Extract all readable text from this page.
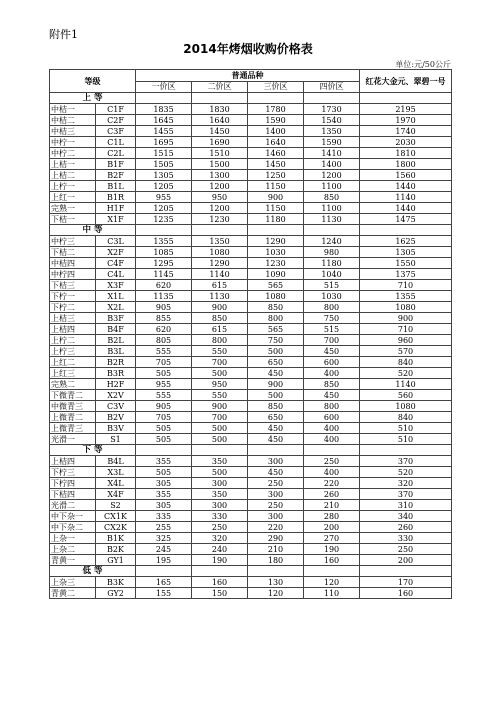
附件1
2014年烤烟收购价格表
单位:元/50公斤
等级		普通品种				红花大金元、翠碧一号
		一价区	二价区	三价区	四价区	
上 等						
中桔一	C1F	1835	1830	1780	1730	2195
中桔二	C2F	1645	1640	1590	1540	1970
中桔三	C3F	1455	1450	1400	1350	1740
中柠一	C1L	1695	1690	1640	1590	2030
中柠二	C2L	1515	1510	1460	1410	1810
上桔一	B1F	1505	1500	1450	1400	1800
上桔二	B2F	1305	1300	1250	1200	1560
上柠一	B1L	1205	1200	1150	1100	1440
上红一	B1R	955	950	900	850	1140
完熟一	H1F	1205	1200	1150	1100	1440
下桔一	X1F	1235	1230	1180	1130	1475
中 等						
中柠三	C3L	1355	1350	1290	1240	1625
下桔二	X2F	1085	1080	1030	980	1305
中桔四	C4F	1295	1290	1230	1180	1550
中柠四	C4L	1145	1140	1090	1040	1375
下桔三	X3F	620	615	565	515	710
下柠一	X1L	1135	1130	1080	1030	1355
下柠二	X2L	905	900	850	800	1080
上桔三	B3F	855	850	800	750	900
上桔四	B4F	620	615	565	515	710
上柠二	B2L	805	800	750	700	960
上柠三	B3L	555	550	500	450	570
上红二	B2R	705	700	650	600	840
上红三	B3R	505	500	450	400	520
完熟二	H2F	955	950	900	850	1140
下微青二	X2V	555	550	500	450	560
中微青三	C3V	905	900	850	800	1080
上微青二	B2V	705	700	650	600	840
上微青三	B3V	505	500	450	400	510
光滑一	S1	505	500	450	400	510
下 等						
上桔四	B4L	355	350	300	250	370
下柠三	X3L	505	500	450	400	520
下柠四	X4L	305	300	250	220	320
下桔四	X4F	355	350	300	260	370
光滑二	S2	305	300	250	210	310
中下杂一	CX1K	335	330	300	280	340
中下杂二	CX2K	255	250	220	200	260
上杂一	B1K	325	320	290	270	330
上杂二	B2K	245	240	210	190	250
青黄一	GY1	195	190	180	160	200
低 等						
上杂三	B3K	165	160	130	120	170
青黄二	GY2	155	150	120	110	160
